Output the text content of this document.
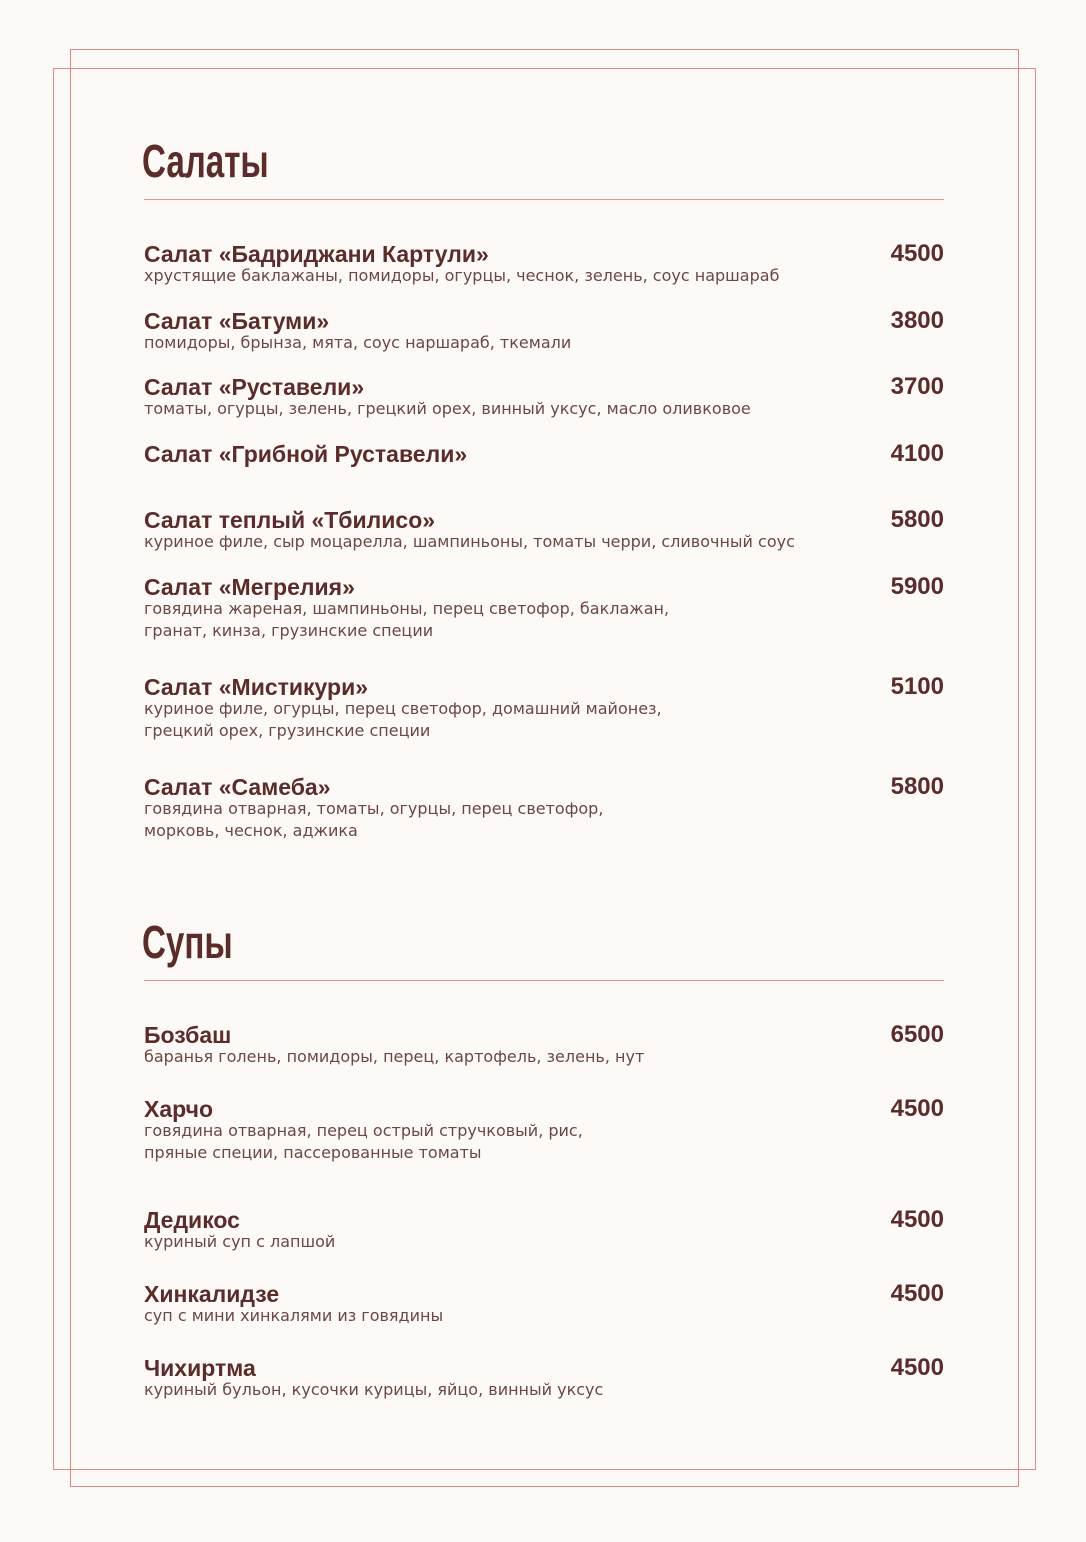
Салаты
Салат «Бадриджани Картули»	4500
хрустящие баклажаны, помидоры, огурцы, чеснок, зелень, соус наршараб
Салат «Батуми»	3800
помидоры, брынза, мята, соус наршараб, ткемали
Салат «Руставели»	3700
томаты, огурцы, зелень, грецкий орех, винный уксус, масло оливковое
Салат «Грибной Руставели»	4100
Салат теплый «Тбилисо»	5800
куриное филе, сыр моцарелла, шампиньоны, томаты черри, сливочный соус
Салат «Мегрелия»	5900
говядина жареная, шампиньоны, перец светофор, баклажан,
гранат, кинза, грузинские специи
Салат «Мистикури»	5100
куриное филе, огурцы, перец светофор, домашний майонез,
грецкий орех, грузинские специи
Салат «Самеба»	5800
говядина отварная, томаты, огурцы, перец светофор,
морковь, чеснок, аджика
Супы
Бозбаш	6500
баранья голень, помидоры, перец, картофель, зелень, нут
Харчо	4500
говядина отварная, перец острый стручковый, рис,
пряные специи, пассерованные томаты
Дедикос	4500
куриный суп с лапшой
Хинкалидзе	4500
суп с мини хинкалями из говядины
Чихиртма	4500
куриный бульон, кусочки курицы, яйцо, винный уксус
